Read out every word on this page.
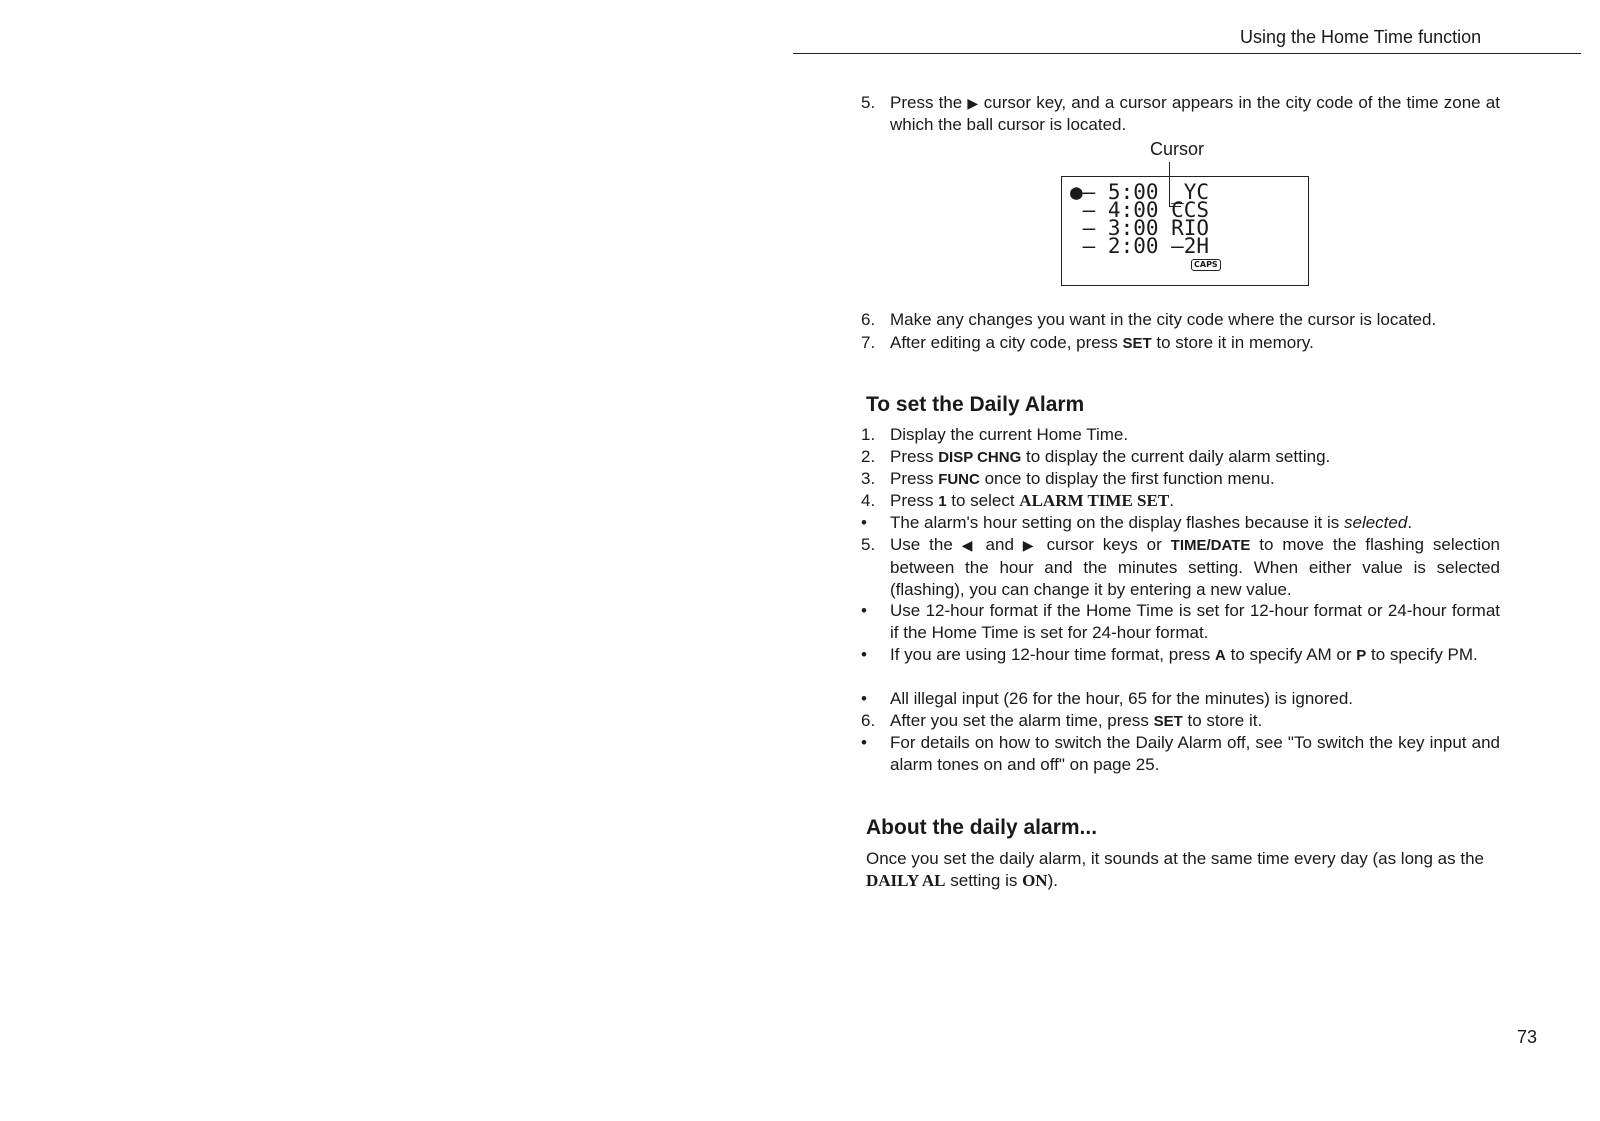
Using the Home Time function
5. Press the ▶ cursor key, and a cursor appears in the city code of the time zone at which the ball cursor is located.
Cursor
●– 5:00 _YC
– 4:00 CCS
– 3:00 RIO
– 2:00 –2H
CAPS
6. Make any changes you want in the city code where the cursor is located.
7. After editing a city code, press SET to store it in memory.
To set the Daily Alarm
1. Display the current Home Time.
2. Press DISP CHNG to display the current daily alarm setting.
3. Press FUNC once to display the first function menu.
4. Press 1 to select ALARM TIME SET.
• The alarm's hour setting on the display flashes because it is selected.
5. Use the ◀ and ▶ cursor keys or TIME/DATE to move the flashing selection between the hour and the minutes setting. When either value is selected (flashing), you can change it by entering a new value.
• Use 12-hour format if the Home Time is set for 12-hour format or 24-hour format if the Home Time is set for 24-hour format.
• If you are using 12-hour time format, press A to specify AM or P to specify PM.
• All illegal input (26 for the hour, 65 for the minutes) is ignored.
6. After you set the alarm time, press SET to store it.
• For details on how to switch the Daily Alarm off, see "To switch the key input and alarm tones on and off" on page 25.
About the daily alarm...
Once you set the daily alarm, it sounds at the same time every day (as long as the DAILY AL setting is ON).
73
